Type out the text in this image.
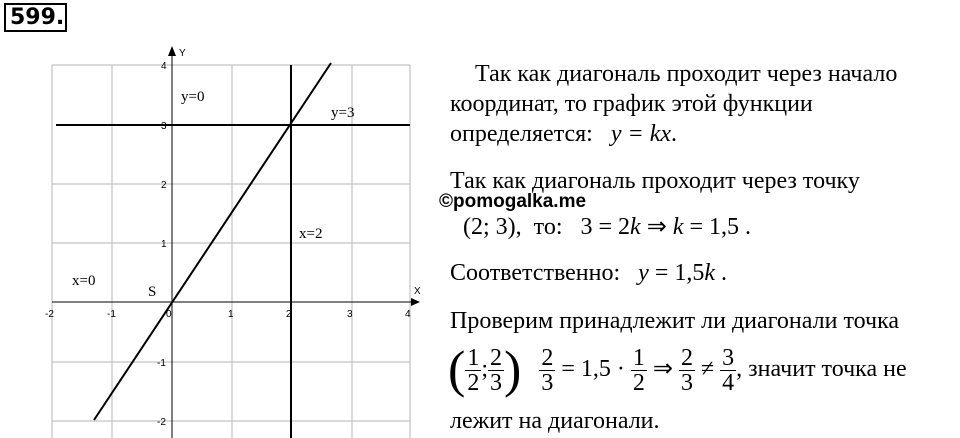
599.
X
Y
-2	-1	0	1	2	3	4
4
3
2
1
-1
-2
y=0
y=3
x=2
x=0
S
Так как диагональ проходит через начало
координат, то график этой функции
определяется: y = kx.
Так как диагональ проходит через точку
©pomogalka.me
(2; 3), то: 3 = 2k ⇒ k = 1,5 .
Соответственно: y = 1,5k .
Проверим принадлежит ли диагонали точка
( $\frac{1}{2}$ ; $\frac{2}{3}$ ) $\frac{2}{3} = 1,5 \cdot \frac{1}{2}$ ⇒ $\frac{2}{3} \ne \frac{3}{4}$ , значит точка не
лежит на диагонали.
